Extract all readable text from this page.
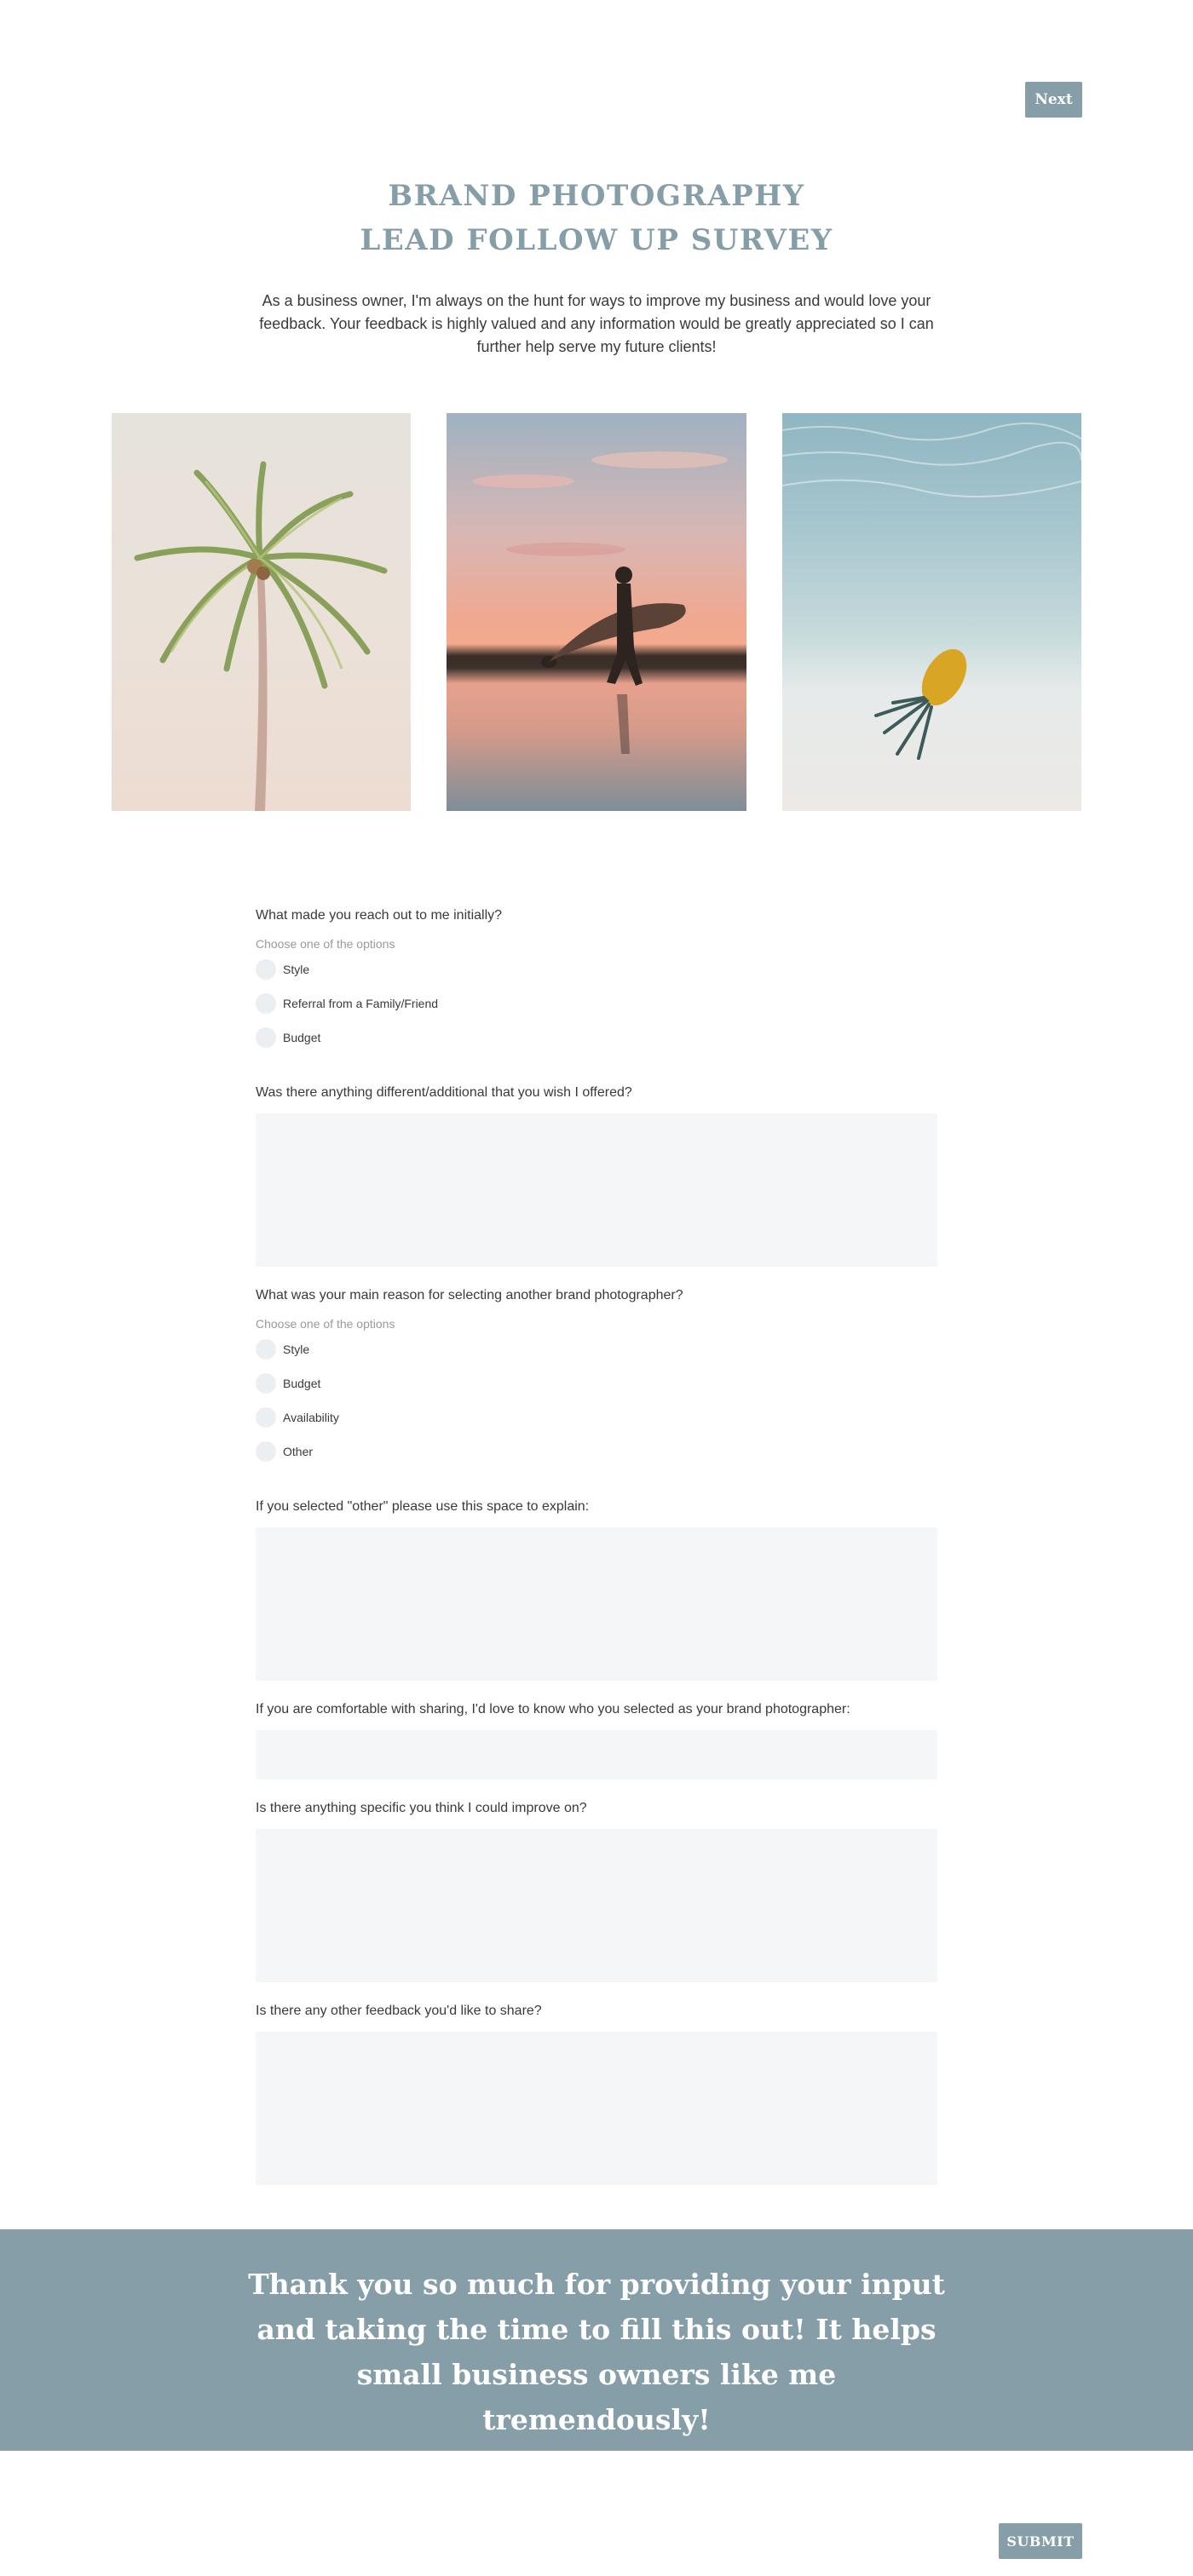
Next
BRAND PHOTOGRAPHY
LEAD FOLLOW UP SURVEY

As a business owner, I'm always on the hunt for ways to improve my business and would love your feedback. Your feedback is highly valued and any information would be greatly appreciated so I can further help serve my future clients!

What made you reach out to me initially?
Choose one of the options
Style
Referral from a Family/Friend
Budget
Was there anything different/additional that you wish I offered?
What was your main reason for selecting another brand photographer?
Choose one of the options
Style
Budget
Availability
Other
If you selected "other" please use this space to explain:
If you are comfortable with sharing, I'd love to know who you selected as your brand photographer:
Is there anything specific you think I could improve on?
Is there any other feedback you'd like to share?

Thank you so much for providing your input and taking the time to fill this out! It helps small business owners like me tremendously!

SUBMIT
